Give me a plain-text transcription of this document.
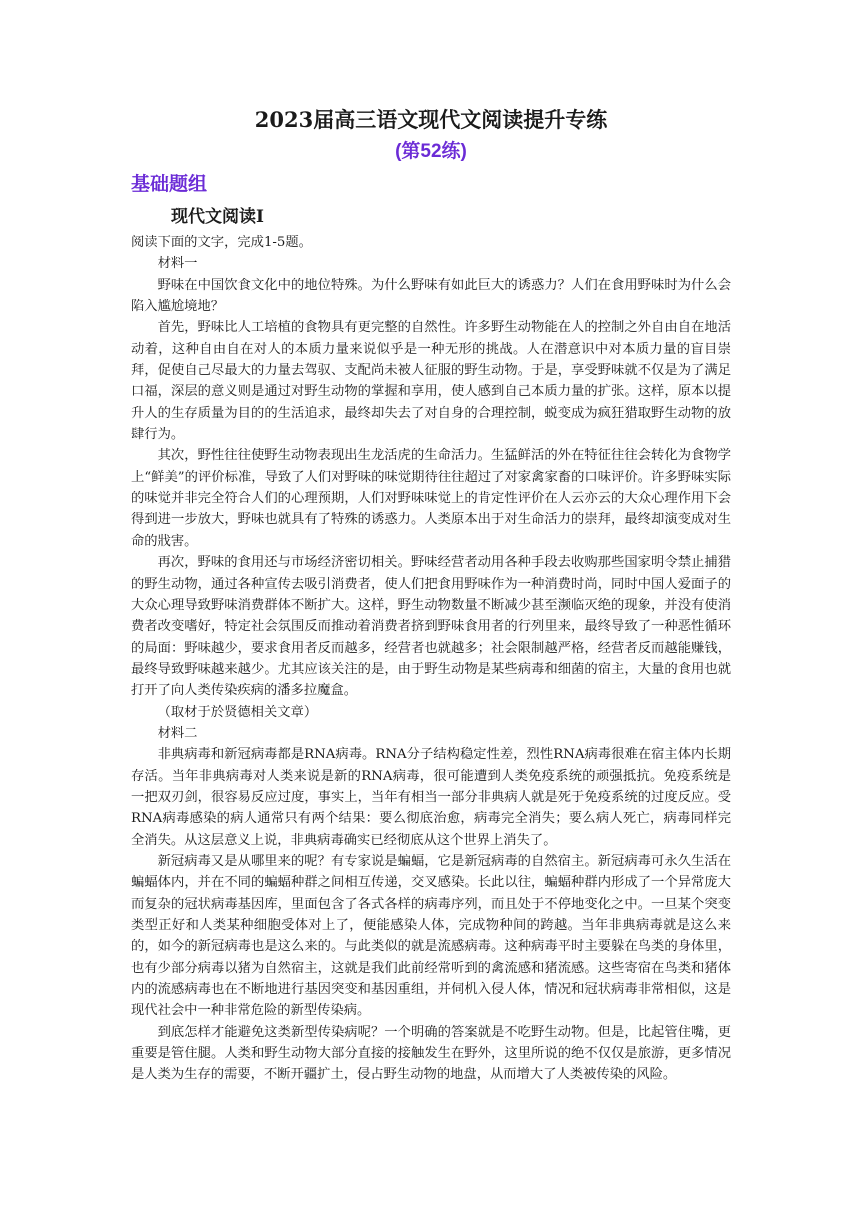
2023届高三语文现代文阅读提升专练
(第52练)
基础题组
现代文阅读Ⅰ

阅读下面的文字，完成1-5题。

材料一

野味在中国饮食文化中的地位特殊。为什么野味有如此巨大的诱惑力？人们在食用野味时为什么会陷入尴尬境地？

首先，野味比人工培植的食物具有更完整的自然性。许多野生动物能在人的控制之外自由自在地活动着，这种自由自在对人的本质力量来说似乎是一种无形的挑战。人在潜意识中对本质力量的盲目崇拜，促使自己尽最大的力量去驾驭、支配尚未被人征服的野生动物。于是，享受野味就不仅是为了满足口福，深层的意义则是通过对野生动物的掌握和享用，使人感到自己本质力量的扩张。这样，原本以提升人的生存质量为目的的生活追求，最终却失去了对自身的合理控制，蜕变成为疯狂猎取野生动物的放肆行为。

其次，野性往往使野生动物表现出生龙活虎的生命活力。生猛鲜活的外在特征往往会转化为食物学上“鲜美”的评价标准，导致了人们对野味的味觉期待往往超过了对家禽家畜的口味评价。许多野味实际的味觉并非完全符合人们的心理预期，人们对野味味觉上的肯定性评价在人云亦云的大众心理作用下会得到进一步放大，野味也就具有了特殊的诱惑力。人类原本出于对生命活力的崇拜，最终却演变成对生命的戕害。

再次，野味的食用还与市场经济密切相关。野味经营者动用各种手段去收购那些国家明令禁止捕猎的野生动物，通过各种宣传去吸引消费者，使人们把食用野味作为一种消费时尚，同时中国人爱面子的大众心理导致野味消费群体不断扩大。这样，野生动物数量不断减少甚至濒临灭绝的现象，并没有使消费者改变嗜好，特定社会氛围反而推动着消费者挤到野味食用者的行列里来，最终导致了一种恶性循环的局面：野味越少，要求食用者反而越多，经营者也就越多；社会限制越严格，经营者反而越能赚钱，最终导致野味越来越少。尤其应该关注的是，由于野生动物是某些病毒和细菌的宿主，大量的食用也就打开了向人类传染疾病的潘多拉魔盒。

（取材于於贤德相关文章）

材料二

非典病毒和新冠病毒都是RNA病毒。RNA分子结构稳定性差，烈性RNA病毒很难在宿主体内长期存活。当年非典病毒对人类来说是新的RNA病毒，很可能遭到人类免疫系统的顽强抵抗。免疫系统是一把双刃剑，很容易反应过度，事实上，当年有相当一部分非典病人就是死于免疫系统的过度反应。受RNA病毒感染的病人通常只有两个结果：要么彻底治愈，病毒完全消失；要么病人死亡，病毒同样完全消失。从这层意义上说，非典病毒确实已经彻底从这个世界上消失了。

新冠病毒又是从哪里来的呢？有专家说是蝙蝠，它是新冠病毒的自然宿主。新冠病毒可永久生活在蝙蝠体内，并在不同的蝙蝠种群之间相互传递，交叉感染。长此以往，蝙蝠种群内形成了一个异常庞大而复杂的冠状病毒基因库，里面包含了各式各样的病毒序列，而且处于不停地变化之中。一旦某个突变类型正好和人类某种细胞受体对上了，便能感染人体，完成物种间的跨越。当年非典病毒就是这么来的，如今的新冠病毒也是这么来的。与此类似的就是流感病毒。这种病毒平时主要躲在鸟类的身体里，也有少部分病毒以猪为自然宿主，这就是我们此前经常听到的禽流感和猪流感。这些寄宿在鸟类和猪体内的流感病毒也在不断地进行基因突变和基因重组，并伺机入侵人体，情况和冠状病毒非常相似，这是现代社会中一种非常危险的新型传染病。

到底怎样才能避免这类新型传染病呢？一个明确的答案就是不吃野生动物。但是，比起管住嘴，更重要是管住腿。人类和野生动物大部分直接的接触发生在野外，这里所说的绝不仅仅是旅游，更多情况是人类为生存的需要，不断开疆扩土，侵占野生动物的地盘，从而增大了人类被传染的风险。
